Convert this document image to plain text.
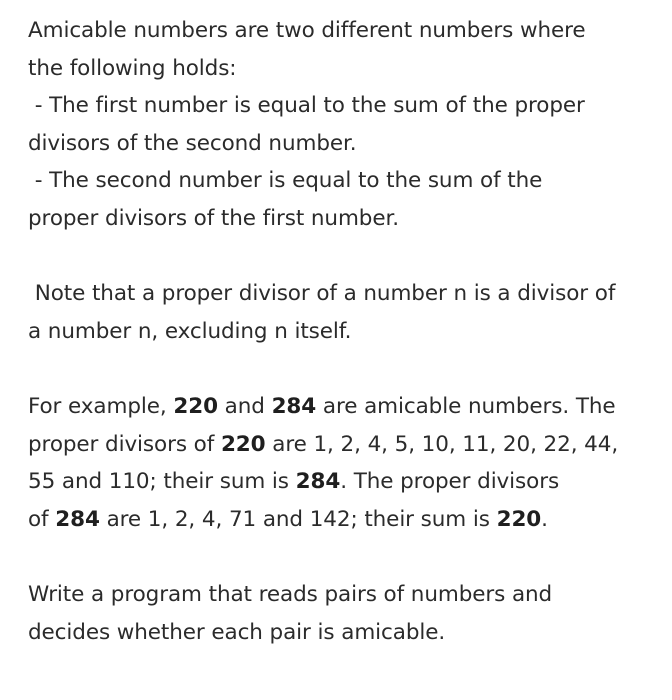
Amicable numbers are two different numbers where
the following holds:
- The first number is equal to the sum of the proper
divisors of the second number.
- The second number is equal to the sum of the
proper divisors of the first number.
Note that a proper divisor of a number n is a divisor of
a number n, excluding n itself.
For example, 220 and 284 are amicable numbers. The
proper divisors of 220 are 1, 2, 4, 5, 10, 11, 20, 22, 44,
55 and 110; their sum is 284. The proper divisors
of 284 are 1, 2, 4, 71 and 142; their sum is 220.
Write a program that reads pairs of numbers and
decides whether each pair is amicable.
